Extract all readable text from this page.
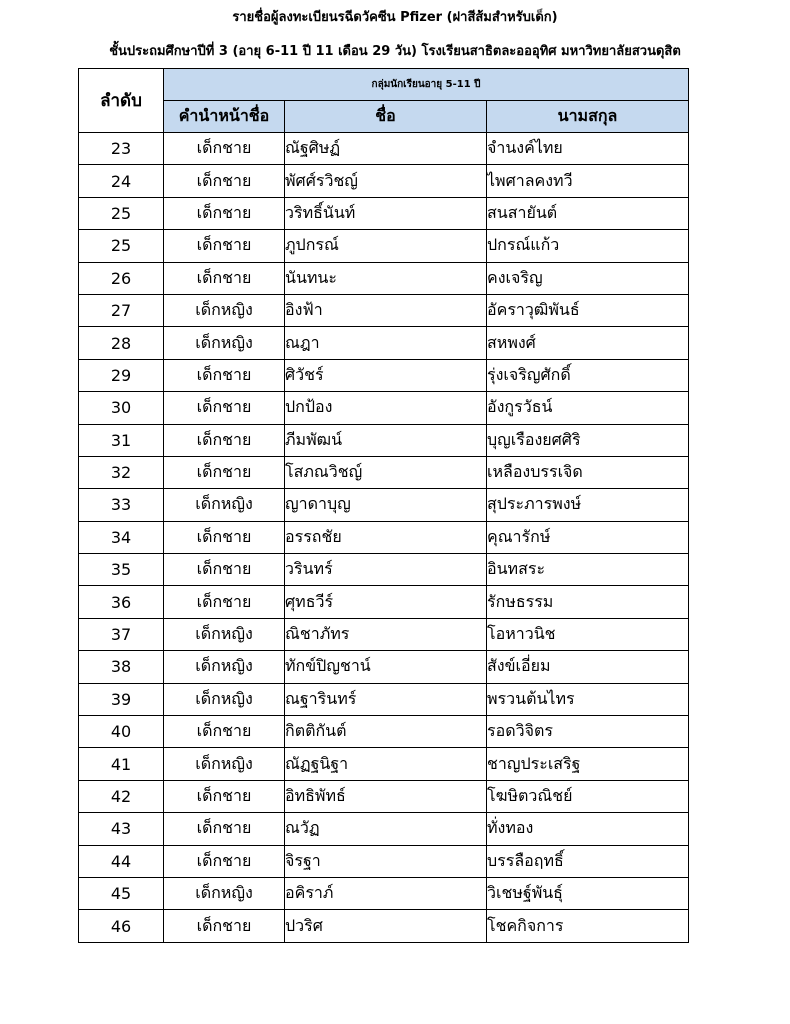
รายชื่อผู้ลงทะเบียนรฉีดวัคซีน Pfizer (ฝาสีส้มสำหรับเด็ก)
ชั้นประถมศึกษาปีที่ 3 (อายุ 6-11 ปี 11 เดือน 29 วัน) โรงเรียนสาธิตละอออุทิศ มหาวิทยาลัยสวนดุสิต
ลำดับ	กลุ่มนักเรียนอายุ 5-11 ปี		
	คำนำหน้าชื่อ	ชื่อ	นามสกุล
23	เด็กชาย	ณัฐศิษฏ์	จำนงค์ไทย
24	เด็กชาย	พัศศ์รวิชญ์	ไพศาลคงทวี
25	เด็กชาย	วริทธิ์นันท์	สนสายันต์
25	เด็กชาย	ภูปกรณ์	ปกรณ์แก้ว
26	เด็กชาย	นันทนะ	คงเจริญ
27	เด็กหญิง	อิงฟ้า	อัคราวุฒิพันธ์
28	เด็กหญิง	ณฎา	สหพงศ์
29	เด็กชาย	ศิวัชร์	รุ่งเจริญศักดิ์
30	เด็กชาย	ปกป้อง	อังกูรวัธน์
31	เด็กชาย	ภีมพัฒน์	บุญเรืองยศศิริ
32	เด็กชาย	โสภณวิชญ์	เหลืองบรรเจิด
33	เด็กหญิง	ญาดาบุญ	สุประภารพงษ์
34	เด็กชาย	อรรถชัย	คุณารักษ์
35	เด็กชาย	วรินทร์	อินทสระ
36	เด็กชาย	ศุทธวีร์	รักษธรรม
37	เด็กหญิง	ณิชาภัทร	โอหาวนิช
38	เด็กหญิง	ทักข์ปิญชาน์	สังข์เอี่ยม
39	เด็กหญิง	ณฐารินทร์	พรวนต้นไทร
40	เด็กชาย	กิตติกันต์	รอดวิจิตร
41	เด็กหญิง	ณัฏฐนิฐา	ชาญประเสริฐ
42	เด็กชาย	อิทธิพัทธ์	โฆษิตวณิชย์
43	เด็กชาย	ณวัฏ	ทั่งทอง
44	เด็กชาย	จิรฐา	บรรลือฤทธิ์
45	เด็กหญิง	อคิราภ์	วิเชษฐ์พันธุ์
46	เด็กชาย	ปวริศ	โชคกิจการ
